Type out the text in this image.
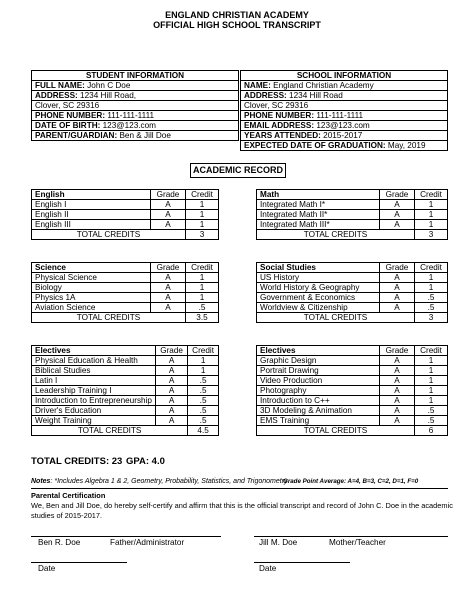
ENGLAND CHRISTIAN ACADEMY
OFFICIAL HIGH SCHOOL TRANSCRIPT
STUDENT INFORMATION
FULL NAME: John C Doe
ADDRESS: 1234 Hill Road,
Clover, SC 29316
PHONE NUMBER: 111-111-1111
DATE OF BIRTH: 123@123.com
PARENT/GUARDIAN: Ben & Jill Doe
SCHOOL INFORMATION
NAME: England Christian Academy
ADDRESS: 1234 Hill Road
Clover, SC 29316
PHONE NUMBER: 111-111-1111
EMAIL ADDRESS: 123@123.com
YEARS ATTENDED: 2015-2017
EXPECTED DATE OF GRADUATION: May, 2019
ACADEMIC RECORD
English	Grade	Credit
English I	A	1
English II	A	1
English III	A	1
TOTAL CREDITS		3
Math	Grade	Credit
Integrated Math I*	A	1
Integrated Math II*	A	1
Integrated Math III*	A	1
TOTAL CREDITS		3
Science	Grade	Credit
Physical Science	A	1
Biology	A	1
Physics 1A	A	1
Aviation Science	A	.5
TOTAL CREDITS		3.5
Social Studies	Grade	Credit
US History	A	1
World History & Geography	A	1
Government & Economics	A	.5
Worldview & Citizenship	A	.5
TOTAL CREDITS		3
Electives	Grade	Credit
Physical Education & Health	A	1
Biblical Studies	A	1
Latin I	A	.5
Leadership Training I	A	.5
Introduction to Entrepreneurship	A	.5
Driver's Education	A	.5
Weight Training	A	.5
TOTAL CREDITS		4.5
Electives	Grade	Credit
Graphic Design	A	1
Portrait Drawing	A	1
Video Production	A	1
Photography	A	1
Introduction to C++	A	1
3D Modeling & Animation	A	.5
EMS Training	A	.5
TOTAL CREDITS		6
TOTAL CREDITS: 23 GPA: 4.0
Notes: *Includes Algebra 1 & 2, Geometry, Probability, Statistics, and Trigonometry
Grade Point Average: A=4, B=3, C=2, D=1, F=0
Parental Certification
We, Ben and Jill Doe, do hereby self-certify and affirm that this is the official transcript and record of John C. Doe in the academic
studies of 2015-2017.
Ben R. Doe	Father/Administrator	Jill M. Doe	Mother/Teacher
Date	Date
